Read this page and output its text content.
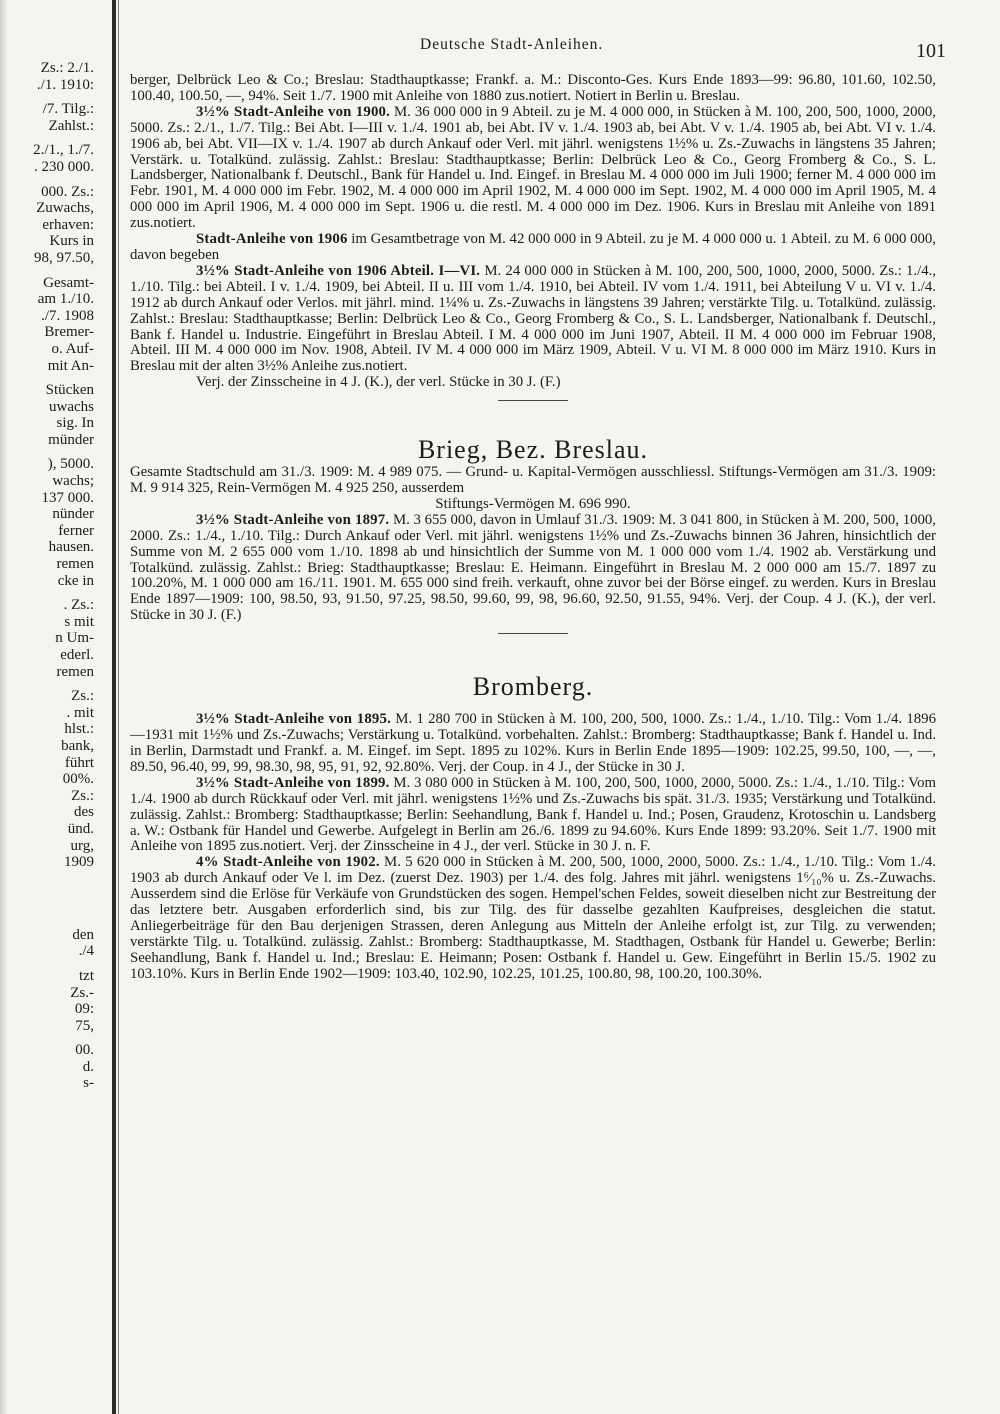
Zs.: 2./1.
./1. 1910:
/7. Tilg.:
Zahlst.:
2./1., 1./7.
. 230 000.
000. Zs.:
Zuwachs,
erhaven:
Kurs in
98, 97.50,
Gesamt-
am 1./10.
./7. 1908
Bremer-
o. Auf-
mit An-
Stücken
uwachs
sig. In
münder
), 5000.
wachs;
137 000.
nünder
ferner
hausen.
remen
cke in
. Zs.:
s mit
n Um-
ederl.
remen
Zs.:
. mit
hlst.:
bank,
führt
00%.
Zs.:
des
ünd.
urg,
1909
den
./4
tzt
Zs.-
09:
75,
00.
d.
s-
Deutsche Stadt-Anleihen.	101

berger, Delbrück Leo & Co.; Breslau: Stadthauptkasse; Frankf. a. M.: Disconto-Ges. Kurs Ende 1893—99: 96.80, 101.60, 102.50, 100.40, 100.50, —, 94%. Seit 1./7. 1900 mit Anleihe von 1880 zus.notiert. Notiert in Berlin u. Breslau.

3½% Stadt-Anleihe von 1900. M. 36 000 000 in 9 Abteil. zu je M. 4 000 000, in Stücken à M. 100, 200, 500, 1000, 2000, 5000. Zs.: 2./1., 1./7. Tilg.: Bei Abt. I—III v. 1./4. 1901 ab, bei Abt. IV v. 1./4. 1903 ab, bei Abt. V v. 1./4. 1905 ab, bei Abt. VI v. 1./4. 1906 ab, bei Abt. VII—IX v. 1./4. 1907 ab durch Ankauf oder Verl. mit jährl. wenigstens 1½% u. Zs.-Zuwachs in längstens 35 Jahren; Verstärk. u. Totalkünd. zulässig. Zahlst.: Breslau: Stadthauptkasse; Berlin: Delbrück Leo & Co., Georg Fromberg & Co., S. L. Landsberger, Nationalbank f. Deutschl., Bank für Handel u. Ind. Eingef. in Breslau M. 4 000 000 im Juli 1900; ferner M. 4 000 000 im Febr. 1901, M. 4 000 000 im Febr. 1902, M. 4 000 000 im April 1902, M. 4 000 000 im Sept. 1902, M. 4 000 000 im April 1905, M. 4 000 000 im April 1906, M. 4 000 000 im Sept. 1906 u. die restl. M. 4 000 000 im Dez. 1906. Kurs in Breslau mit Anleihe von 1891 zus.notiert.

Stadt-Anleihe von 1906 im Gesamtbetrage von M. 42 000 000 in 9 Abteil. zu je M. 4 000 000 u. 1 Abteil. zu M. 6 000 000, davon begeben

3½% Stadt-Anleihe von 1906 Abteil. I—VI. M. 24 000 000 in Stücken à M. 100, 200, 500, 1000, 2000, 5000. Zs.: 1./4., 1./10. Tilg.: bei Abteil. I v. 1./4. 1909, bei Abteil. II u. III vom 1./4. 1910, bei Abteil. IV vom 1./4. 1911, bei Abteilung V u. VI v. 1./4. 1912 ab durch Ankauf oder Verlos. mit jährl. mind. 1¼% u. Zs.-Zuwachs in längstens 39 Jahren; verstärkte Tilg. u. Totalkünd. zulässig. Zahlst.: Breslau: Stadthauptkasse; Berlin: Delbrück Leo & Co., Georg Fromberg & Co., S. L. Landsberger, Nationalbank f. Deutschl., Bank f. Handel u. Industrie. Eingeführt in Breslau Abteil. I M. 4 000 000 im Juni 1907, Abteil. II M. 4 000 000 im Februar 1908, Abteil. III M. 4 000 000 im Nov. 1908, Abteil. IV M. 4 000 000 im März 1909, Abteil. V u. VI M. 8 000 000 im März 1910. Kurs in Breslau mit der alten 3½% Anleihe zus.notiert.

Verj. der Zinsscheine in 4 J. (K.), der verl. Stücke in 30 J. (F.)

Brieg, Bez. Breslau.

Gesamte Stadtschuld am 31./3. 1909: M. 4 989 075. — Grund- u. Kapital-Vermögen ausschliessl. Stiftungs-Vermögen am 31./3. 1909: M. 9 914 325, Rein-Vermögen M. 4 925 250, ausserdem

Stiftungs-Vermögen M. 696 990.

3½% Stadt-Anleihe von 1897. M. 3 655 000, davon in Umlauf 31./3. 1909: M. 3 041 800, in Stücken à M. 200, 500, 1000, 2000. Zs.: 1./4., 1./10. Tilg.: Durch Ankauf oder Verl. mit jährl. wenigstens 1½% und Zs.-Zuwachs binnen 36 Jahren, hinsichtlich der Summe von M. 2 655 000 vom 1./10. 1898 ab und hinsichtlich der Summe von M. 1 000 000 vom 1./4. 1902 ab. Verstärkung und Totalkünd. zulässig. Zahlst.: Brieg: Stadthauptkasse; Breslau: E. Heimann. Eingeführt in Breslau M. 2 000 000 am 15./7. 1897 zu 100.20%, M. 1 000 000 am 16./11. 1901. M. 655 000 sind freih. verkauft, ohne zuvor bei der Börse eingef. zu werden. Kurs in Breslau Ende 1897—1909: 100, 98.50, 93, 91.50, 97.25, 98.50, 99.60, 99, 98, 96.60, 92.50, 91.55, 94%. Verj. der Coup. 4 J. (K.), der verl. Stücke in 30 J. (F.)

Bromberg.

3½% Stadt-Anleihe von 1895. M. 1 280 700 in Stücken à M. 100, 200, 500, 1000. Zs.: 1./4., 1./10. Tilg.: Vom 1./4. 1896—1931 mit 1½% und Zs.-Zuwachs; Verstärkung u. Totalkünd. vorbehalten. Zahlst.: Bromberg: Stadthauptkasse; Bank f. Handel u. Ind. in Berlin, Darmstadt und Frankf. a. M. Eingef. im Sept. 1895 zu 102%. Kurs in Berlin Ende 1895—1909: 102.25, 99.50, 100, —, —, 89.50, 96.40, 99, 99, 98.30, 98, 95, 91, 92, 92.80%. Verj. der Coup. in 4 J., der Stücke in 30 J.

3½% Stadt-Anleihe von 1899. M. 3 080 000 in Stücken à M. 100, 200, 500, 1000, 2000, 5000. Zs.: 1./4., 1./10. Tilg.: Vom 1./4. 1900 ab durch Rückkauf oder Verl. mit jährl. wenigstens 1½% und Zs.-Zuwachs bis spät. 31./3. 1935; Verstärkung und Totalkünd. zulässig. Zahlst.: Bromberg: Stadthauptkasse; Berlin: Seehandlung, Bank f. Handel u. Ind.; Posen, Graudenz, Krotoschin u. Landsberg a. W.: Ostbank für Handel und Gewerbe. Aufgelegt in Berlin am 26./6. 1899 zu 94.60%. Kurs Ende 1899: 93.20%. Seit 1./7. 1900 mit Anleihe von 1895 zus.notiert. Verj. der Zinsscheine in 4 J., der verl. Stücke in 30 J. n. F.

4% Stadt-Anleihe von 1902. M. 5 620 000 in Stücken à M. 200, 500, 1000, 2000, 5000. Zs.: 1./4., 1./10. Tilg.: Vom 1./4. 1903 ab durch Ankauf oder Ve l. im Dez. (zuerst Dez. 1903) per 1./4. des folg. Jahres mit jährl. wenigstens 1⁶⁄₁₀% u. Zs.-Zuwachs. Ausserdem sind die Erlöse für Verkäufe von Grundstücken des sogen. Hempel'schen Feldes, soweit dieselben nicht zur Bestreitung der das letztere betr. Ausgaben erforderlich sind, bis zur Tilg. des für dasselbe gezahlten Kaufpreises, desgleichen die statut. Anliegerbeiträge für den Bau derjenigen Strassen, deren Anlegung aus Mitteln der Anleihe erfolgt ist, zur Tilg. zu verwenden; verstärkte Tilg. u. Totalkünd. zulässig. Zahlst.: Bromberg: Stadthauptkasse, M. Stadthagen, Ostbank für Handel u. Gewerbe; Berlin: Seehandlung, Bank f. Handel u. Ind.; Breslau: E. Heimann; Posen: Ostbank f. Handel u. Gew. Eingeführt in Berlin 15./5. 1902 zu 103.10%. Kurs in Berlin Ende 1902—1909: 103.40, 102.90, 102.25, 101.25, 100.80, 98, 100.20, 100.30%.
